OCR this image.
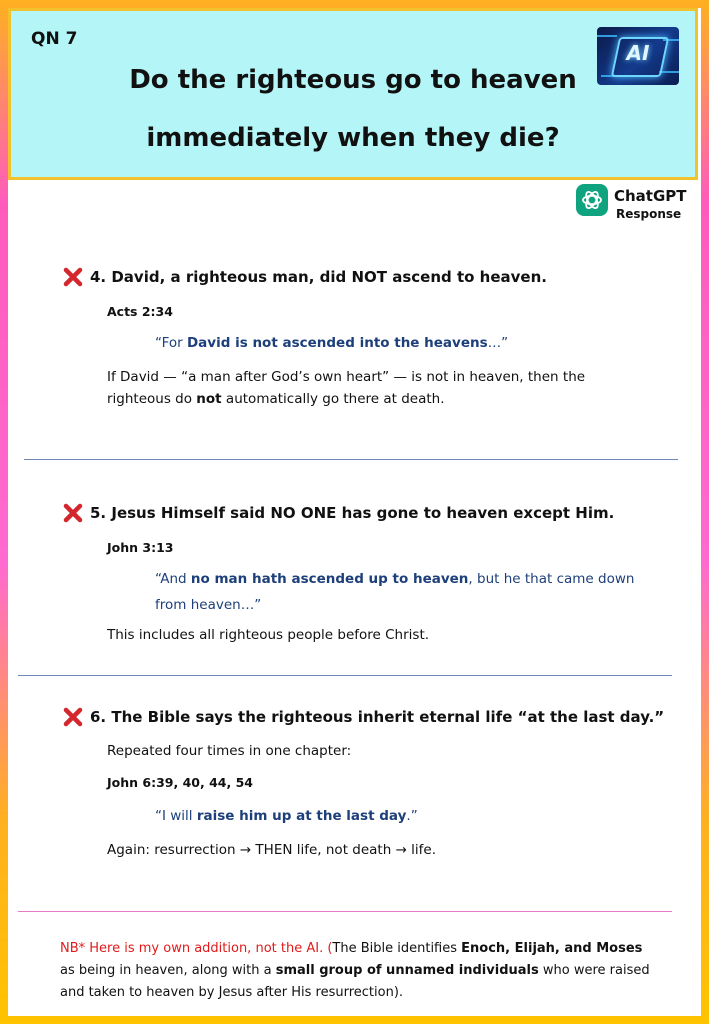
QN 7
Do the righteous go to heaven
immediately when they die?
AI
ChatGPT
Response
4. David, a righteous man, did NOT ascend to heaven.
Acts 2:34
“For David is not ascended into the heavens…”
If David — “a man after God’s own heart” — is not in heaven, then the righteous do not automatically go there at death.
5. Jesus Himself said NO ONE has gone to heaven except Him.
John 3:13
“And no man hath ascended up to heaven, but he that came down from heaven…”
This includes all righteous people before Christ.
6. The Bible says the righteous inherit eternal life “at the last day.”
Repeated four times in one chapter:
John 6:39, 40, 44, 54
“I will raise him up at the last day.”
Again: resurrection → THEN life, not death → life.
NB* Here is my own addition, not the AI. (The Bible identifies Enoch, Elijah, and Moses as being in heaven, along with a small group of unnamed individuals who were raised and taken to heaven by Jesus after His resurrection).
